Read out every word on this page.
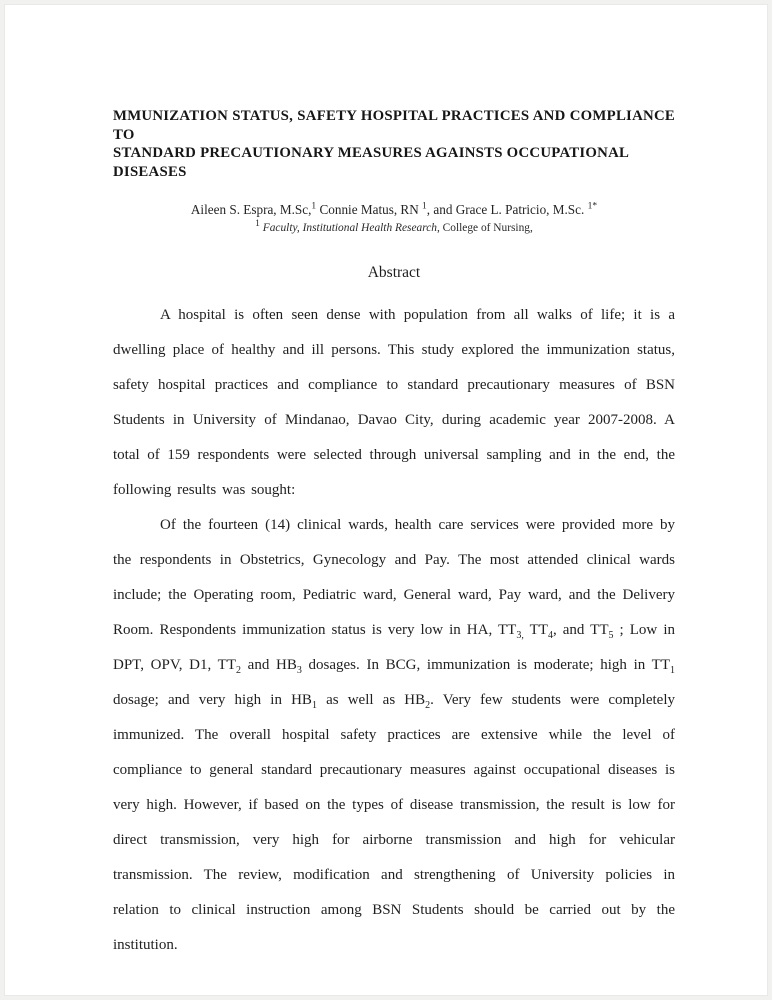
MMUNIZATION STATUS, SAFETY HOSPITAL PRACTICES AND COMPLIANCE TO
STANDARD PRECAUTIONARY MEASURES AGAINSTS OCCUPATIONAL DISEASES
Aileen S. Espra, M.Sc,$^1$ Connie Matus, RN $^1$, and Grace L. Patricio, M.Sc. $^{1*}$
$^1$ Faculty, Institutional Health Research, College of Nursing,
Abstract

A hospital is often seen dense with population from all walks of life; it is a dwelling place of healthy and ill persons. This study explored the immunization status, safety hospital practices and compliance to standard precautionary measures of BSN Students in University of Mindanao, Davao City, during academic year 2007-2008. A total of 159 respondents were selected through universal sampling and in the end, the following results was sought:

Of the fourteen (14) clinical wards, health care services were provided more by the respondents in Obstetrics, Gynecology and Pay. The most attended clinical wards include; the Operating room, Pediatric ward, General ward, Pay ward, and the Delivery Room. Respondents immunization status is very low in HA, $TT_{3,}$ $TT_4$, and $TT_5$ ; Low in DPT, OPV, D1, $TT_2$ and $HB_3$ dosages. In BCG, immunization is moderate; high in $TT_1$ dosage; and very high in $HB_1$ as well as $HB_2$. Very few students were completely immunized. The overall hospital safety practices are extensive while the level of compliance to general standard precautionary measures against occupational diseases is very high. However, if based on the types of disease transmission, the result is low for direct transmission, very high for airborne transmission and high for vehicular transmission. The review, modification and strengthening of University policies in relation to clinical instruction among BSN Students should be carried out by the institution.
